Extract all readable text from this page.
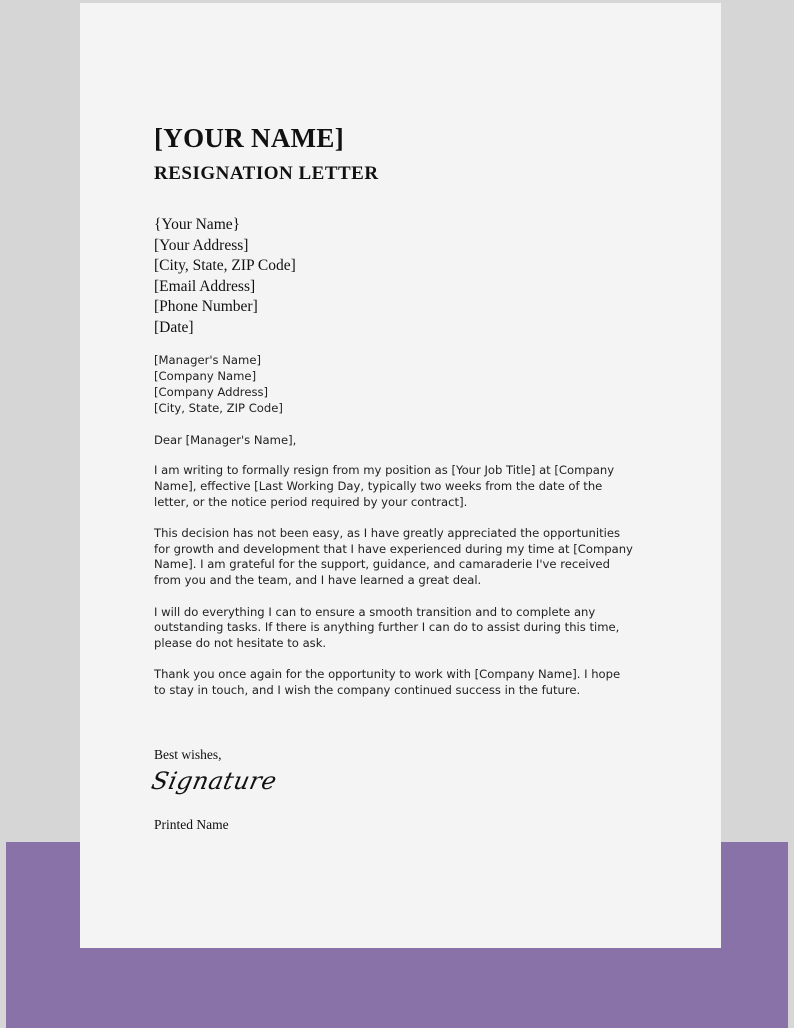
[YOUR NAME]
RESIGNATION LETTER
{Your Name}
[Your Address]
[City, State, ZIP Code]
[Email Address]
[Phone Number]
[Date]
[Manager's Name]
[Company Name]
[Company Address]
[City, State, ZIP Code]
Dear [Manager's Name],

I am writing to formally resign from my position as [Your Job Title] at [Company Name], effective [Last Working Day, typically two weeks from the date of the letter, or the notice period required by your contract].

This decision has not been easy, as I have greatly appreciated the opportunities for growth and development that I have experienced during my time at [Company Name]. I am grateful for the support, guidance, and camaraderie I've received from you and the team, and I have learned a great deal.

I will do everything I can to ensure a smooth transition and to complete any outstanding tasks. If there is anything further I can do to assist during this time, please do not hesitate to ask.

Thank you once again for the opportunity to work with [Company Name]. I hope to stay in touch, and I wish the company continued success in the future.

Best wishes,
Signature
Printed Name
